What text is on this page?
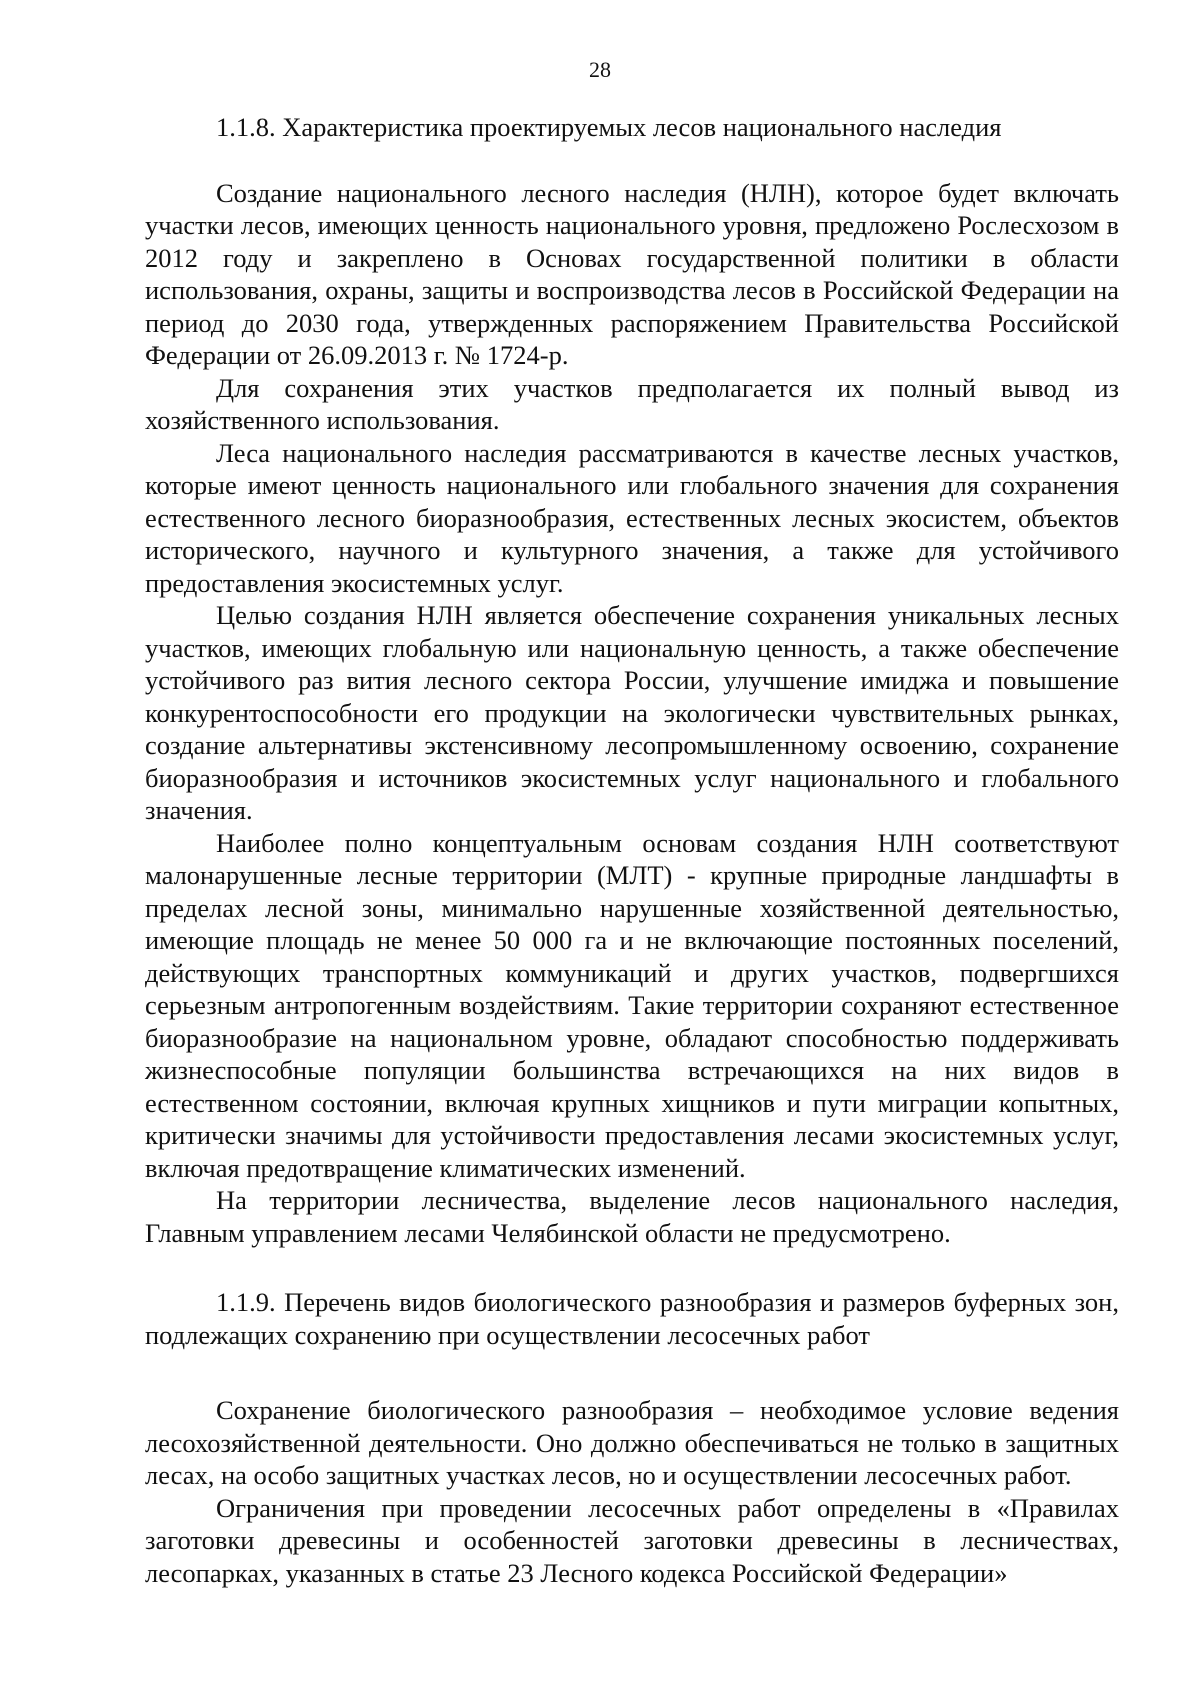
28

1.1.8. Характеристика проектируемых лесов национального наследия

Создание национального лесного наследия (НЛН), которое будет включать участки лесов, имеющих ценность национального уровня, предложено Рослесхозом в 2012 году и закреплено в Основах государственной политики в области использования, охраны, защиты и воспроизводства лесов в Российской Федерации на период до 2030 года, утвержденных распоряжением Правительства Российской Федерации от 26.09.2013 г. № 1724-р.

Для сохранения этих участков предполагается их полный вывод из хозяйственного использования.

Леса национального наследия рассматриваются в качестве лесных участков, которые имеют ценность национального или глобального значения для сохранения естественного лесного биоразнообразия, естественных лесных экосистем, объектов исторического, научного и культурного значения, а также для устойчивого предоставления экосистемных услуг.

Целью создания НЛН является обеспечение сохранения уникальных лесных участков, имеющих глобальную или национальную ценность, а также обеспечение устойчивого раз вития лесного сектора России, улучшение имиджа и повышение конкурентоспособности его продукции на экологически чувствительных рынках, создание альтернативы экстенсивному лесопромышленному освоению, сохранение биоразнообразия и источников экосистемных услуг национального и глобального значения.

Наиболее полно концептуальным основам создания НЛН соответствуют малонарушенные лесные территории (МЛТ) - крупные природные ландшафты в пределах лесной зоны, минимально нарушенные хозяйственной деятельностью, имеющие площадь не менее 50 000 га и не включающие постоянных поселений, действующих транспортных коммуникаций и других участков, подвергшихся серьезным антропогенным воздействиям. Такие территории сохраняют естественное биоразнообразие на национальном уровне, обладают способностью поддерживать жизнеспособные популяции большинства встречающихся на них видов в естественном состоянии, включая крупных хищников и пути миграции копытных, критически значимы для устойчивости предоставления лесами экосистемных услуг, включая предотвращение климатических изменений.

На территории лесничества, выделение лесов национального наследия, Главным управлением лесами Челябинской области не предусмотрено.

1.1.9. Перечень видов биологического разнообразия и размеров буферных зон, подлежащих сохранению при осуществлении лесосечных работ

Сохранение биологического разнообразия – необходимое условие ведения лесохозяйственной деятельности. Оно должно обеспечиваться не только в защитных лесах, на особо защитных участках лесов, но и осуществлении лесосечных работ.

Ограничения при проведении лесосечных работ определены в «Правилах заготовки древесины и особенностей заготовки древесины в лесничествах, лесопарках, указанных в статье 23 Лесного кодекса Российской Федерации»
